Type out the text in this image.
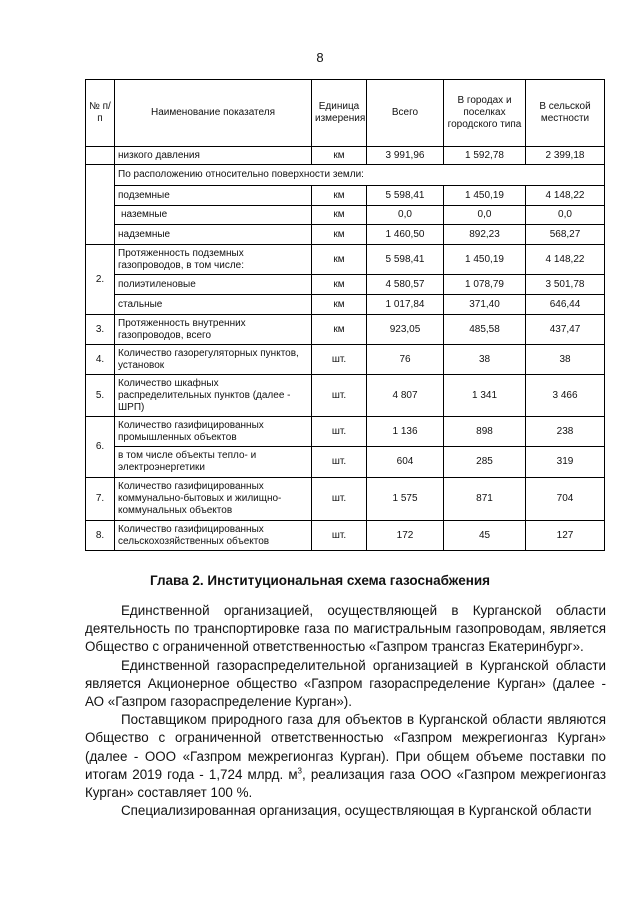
8
№ п/п	Наименование показателя	Единица измерения	Всего	В городах и поселках городского типа	В сельской местности
	низкого давления	км	3 991,96	1 592,78	2 399,18
	По расположению относительно поверхности земли:				
	подземные	км	5 598,41	1 450,19	4 148,22
	наземные	км	0,0	0,0	0,0
	надземные	км	1 460,50	892,23	568,27
2.	Протяженность подземных газопроводов, в том числе:	км	5 598,41	1 450,19	4 148,22
	полиэтиленовые	км	4 580,57	1 078,79	3 501,78
	стальные	км	1 017,84	371,40	646,44
3.	Протяженность внутренних газопроводов, всего	км	923,05	485,58	437,47
4.	Количество газорегуляторных пунктов, установок	шт.	76	38	38
5.	Количество шкафных распределительных пунктов (далее - ШРП)	шт.	4 807	1 341	3 466
6.	Количество газифицированных промышленных объектов	шт.	1 136	898	238
	в том числе объекты тепло- и электроэнергетики	шт.	604	285	319
7.	Количество газифицированных коммунально-бытовых и жилищно-коммунальных объектов	шт.	1 575	871	704
8.	Количество газифицированных сельскохозяйственных объектов	шт.	172	45	127
Глава 2. Институциональная схема газоснабжения

Единственной организацией, осуществляющей в Курганской области деятельность по транспортировке газа по магистральным газопроводам, является Общество с ограниченной ответственностью «Газпром трансгаз Екатеринбург».

Единственной газораспределительной организацией в Курганской области является Акционерное общество «Газпром газораспределение Курган» (далее - АО «Газпром газораспределение Курган»).

Поставщиком природного газа для объектов в Курганской области являются Общество с ограниченной ответственностью «Газпром межрегионгаз Курган» (далее - ООО «Газпром межрегионгаз Курган). При общем объеме поставки по итогам 2019 года - 1,724 млрд. $м^3$, реализация газа ООО «Газпром межрегионгаз Курган» составляет 100 %.

Специализированная организация, осуществляющая в Курганской области
